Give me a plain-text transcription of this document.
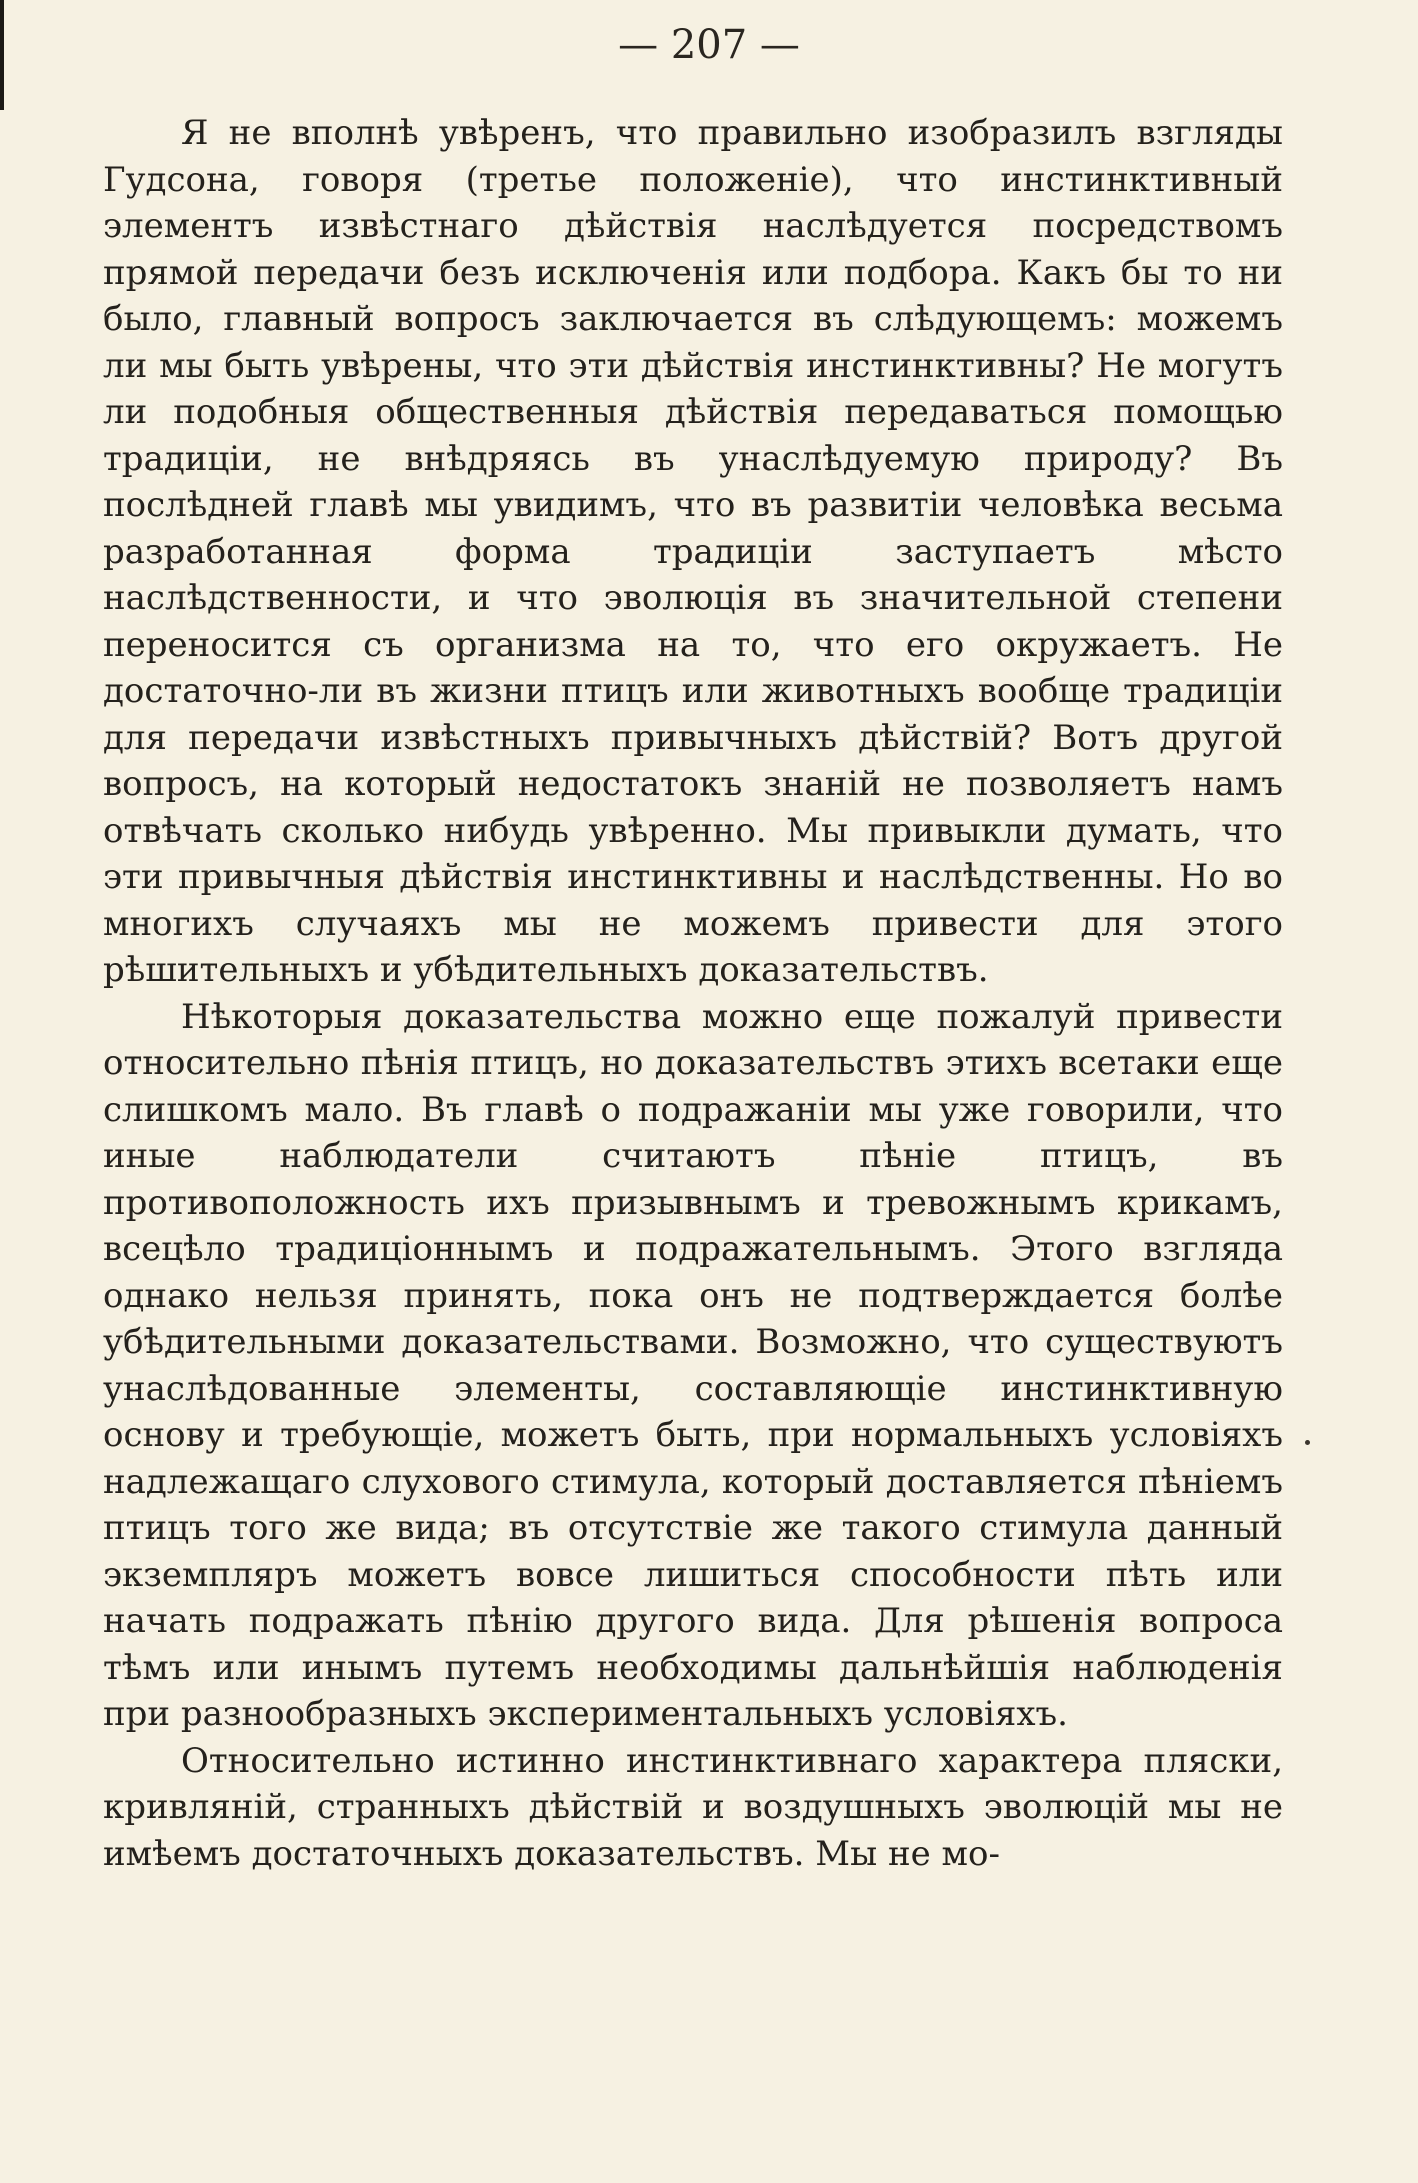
— 207 —

Я не вполнѣ увѣренъ, что правильно изобразилъ взгляды Гудсона, говоря (третье положеніе), что инстинктивный элементъ извѣстнаго дѣйствія наслѣдуется посредствомъ прямой передачи безъ исключенія или подбора. Какъ бы то ни было, главный вопросъ заключается въ слѣдующемъ: можемъ ли мы быть увѣрены, что эти дѣйствія инстинктивны? Не могутъ ли подобныя общественныя дѣйствія передаваться помощью традиціи, не внѣдряясь въ унаслѣдуемую природу? Въ послѣдней главѣ мы увидимъ, что въ развитіи человѣка весьма разработанная форма традиціи заступаетъ мѣсто наслѣдственности, и что эволюція въ значительной степени переносится съ организма на то, что его окружаетъ. Не достаточно-ли въ жизни птицъ или животныхъ вообще традиціи для передачи извѣстныхъ привычныхъ дѣйствій? Вотъ другой вопросъ, на который недостатокъ знаній не позволяетъ намъ отвѣчать сколько нибудь увѣренно. Мы привыкли думать, что эти привычныя дѣйствія инстинктивны и наслѣдственны. Но во многихъ случаяхъ мы не можемъ привести для этого рѣшительныхъ и убѣдительныхъ доказательствъ.

Нѣкоторыя доказательства можно еще пожалуй привести относительно пѣнія птицъ, но доказательствъ этихъ всетаки еще слишкомъ мало. Въ главѣ о подражаніи мы уже говорили, что иные наблюдатели считаютъ пѣніе птицъ, въ противоположность ихъ призывнымъ и тревожнымъ крикамъ, всецѣло традиціоннымъ и подражательнымъ. Этого взгляда однако нельзя принять, пока онъ не подтверждается болѣе убѣдительными доказательствами. Возможно, что существуютъ унаслѣдованные элементы, составляющіе инстинктивную основу и требующіе, можетъ быть, при нормальныхъ условіяхъ надлежащаго слухового стимула, который доставляется пѣніемъ птицъ того же вида; въ отсутствіе же такого стимула данный экземпляръ можетъ вовсе лишиться способности пѣть или начать подражать пѣнію другого вида. Для рѣшенія вопроса тѣмъ или инымъ путемъ необходимы дальнѣйшія наблюденія при разнообразныхъ экспериментальныхъ условіяхъ.

Относительно истинно инстинктивнаго характера пляски, кривляній, странныхъ дѣйствій и воздушныхъ эволюцій мы не имѣемъ достаточныхъ доказательствъ. Мы не мо-
